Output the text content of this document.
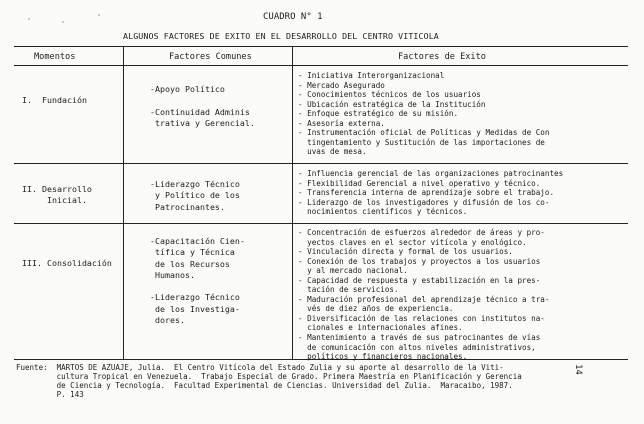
CUADRO N° 1
ALGUNOS FACTORES DE EXITO EN EL DESARROLLO DEL CENTRO VITICOLA
Momentos	Factores Comunes	Factores de Exito
I.  Fundación
-Apoyo Político

-Continuidad Adminis
trativa y Gerencial.
- Iniciativa Interorganizacional
- Mercado Asegurado
- Conocimientos técnicos de los usuarios
- Ubicación estratégica de la Institución
- Enfoque estratégico de su misión.
- Asesoría externa.
- Instrumentación oficial de Políticas y Medidas de Con
tingentamiento y Sustitución de las importaciones de
uvas de mesa.
II. Desarrollo
Inicial.
-Liderazgo Técnico
y Político de los
Patrocinantes.
- Influencia gerencial de las organizaciones patrocinantes
- Flexibilidad Gerencial a nivel operativo y técnico.
- Transferencia interna de aprendizaje sobre el trabajo.
- Liderazgo de los investigadores y difusión de los co-
nocimientos científicos y técnicos.
III. Consolidación
-Capacitación Cien-
tífica y Técnica
de los Recursos
Humanos.

-Liderazgo Técnico
de los Investiga-
dores.
- Concentración de esfuerzos alrededor de áreas y pro-
yectos claves en el sector vitícola y enológico.
- Vinculación directa y formal de los usuarios.
- Conexión de los trabajos y proyectos a los usuarios
y al mercado nacional.
- Capacidad de respuesta y estabilización en la pres-
tación de servicios.
- Maduración profesional del aprendizaje técnico a tra-
vés de diez años de experiencia.
- Diversificación de las relaciones con institutos na-
cionales e internacionales afines.
- Mantenimiento a través de sus patrocinantes de vías
de comunicación con altos niveles administrativos,
políticos y financieros nacionales.
Fuente:  MARTOS DE AZUAJE, Julia.  El Centro Vitícola del Estado Zulia y su aporte al desarrollo de la Viti-
cultura Tropical en Venezuela.  Trabajo Especial de Grado. Primera Maestría en Planificación y Gerencia
de Ciencia y Tecnología.  Facultad Experimental de Ciencias. Universidad del Zulia.  Maracaibo, 1987.
P. 143
14
